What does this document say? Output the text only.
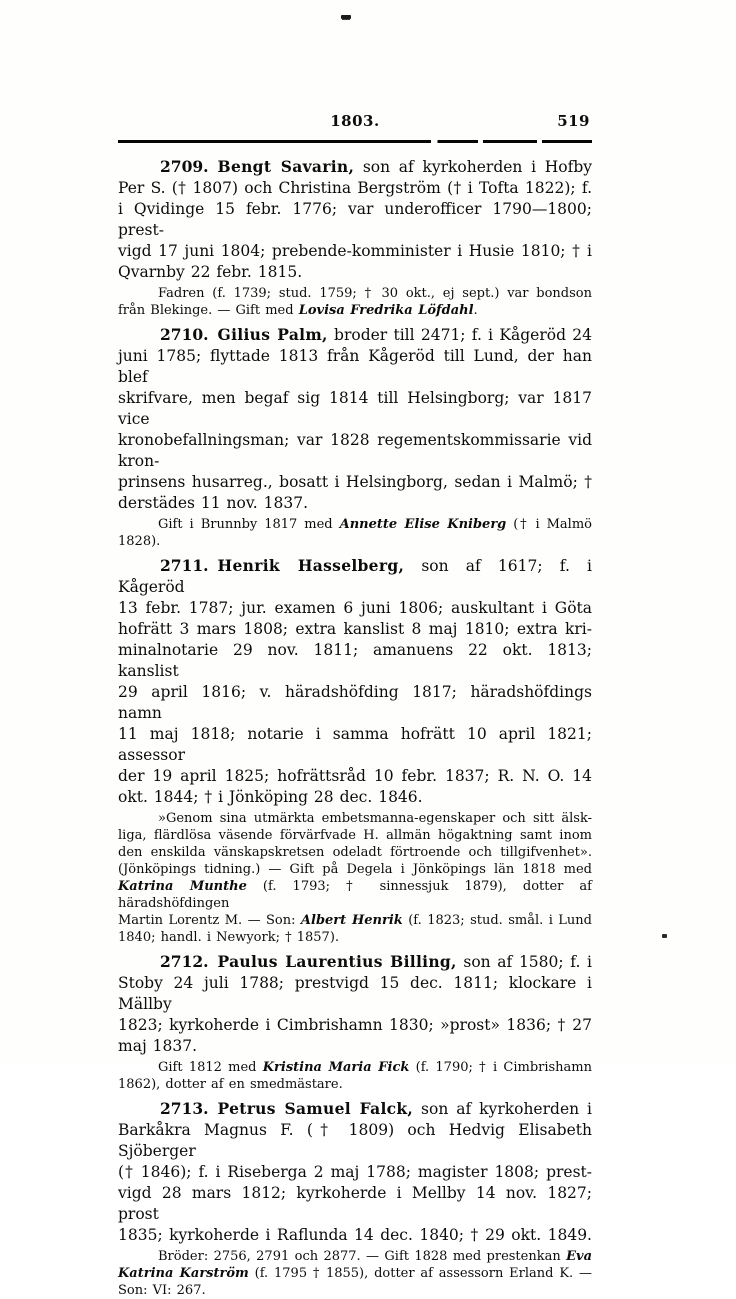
1803.	519
2709. Bengt Savarin, son af kyrkoherden i Hofby
Per S. († 1807) och Christina Bergström († i Tofta 1822); f.
i Qvidinge 15 febr. 1776; var underofficer 1790—1800; prest-
vigd 17 juni 1804; prebende-komminister i Husie 1810; † i
Qvarnby 22 febr. 1815.
Fadren (f. 1739; stud. 1759; † 30 okt., ej sept.) var bondson
från Blekinge. — Gift med Lovisa Fredrika Löfdahl.
2710. Gilius Palm, broder till 2471; f. i Kågeröd 24
juni 1785; flyttade 1813 från Kågeröd till Lund, der han blef
skrifvare, men begaf sig 1814 till Helsingborg; var 1817 vice
kronobefallningsman; var 1828 regementskommissarie vid kron-
prinsens husarreg., bosatt i Helsingborg, sedan i Malmö; †
derstädes 11 nov. 1837.
Gift i Brunnby 1817 med Annette Elise Kniberg († i Malmö 1828).
2711. Henrik Hasselberg, son af 1617; f. i Kågeröd
13 febr. 1787; jur. examen 6 juni 1806; auskultant i Göta
hofrätt 3 mars 1808; extra kanslist 8 maj 1810; extra kri-
minalnotarie 29 nov. 1811; amanuens 22 okt. 1813; kanslist
29 april 1816; v. häradshöfding 1817; häradshöfdings namn
11 maj 1818; notarie i samma hofrätt 10 april 1821; assessor
der 19 april 1825; hofrättsråd 10 febr. 1837; R. N. O. 14
okt. 1844; † i Jönköping 28 dec. 1846.
»Genom sina utmärkta embetsmanna-egenskaper och sitt älsk-
liga, flärdlösa väsende förvärfvade H. allmän högaktning samt inom
den enskilda vänskapskretsen odeladt förtroende och tillgifvenhet».
(Jönköpings tidning.) — Gift på Degela i Jönköpings län 1818 med
Katrina Munthe (f. 1793; † sinnessjuk 1879), dotter af häradshöfdingen
Martin Lorentz M. — Son: Albert Henrik (f. 1823; stud. smål. i Lund
1840; handl. i Newyork; † 1857).
2712. Paulus Laurentius Billing, son af 1580; f. i
Stoby 24 juli 1788; prestvigd 15 dec. 1811; klockare i Mällby
1823; kyrkoherde i Cimbrishamn 1830; »prost» 1836; † 27
maj 1837.
Gift 1812 med Kristina Maria Fick (f. 1790; † i Cimbrishamn
1862), dotter af en smedmästare.
2713. Petrus Samuel Falck, son af kyrkoherden i
Barkåkra Magnus F. († 1809) och Hedvig Elisabeth Sjöberger
(† 1846); f. i Riseberga 2 maj 1788; magister 1808; prest-
vigd 28 mars 1812; kyrkoherde i Mellby 14 nov. 1827; prost
1835; kyrkoherde i Raflunda 14 dec. 1840; † 29 okt. 1849.
Bröder: 2756, 2791 och 2877. — Gift 1828 med prestenkan Eva
Katrina Karström (f. 1795 † 1855), dotter af assessorn Erland K. —
Son: VI: 267.
